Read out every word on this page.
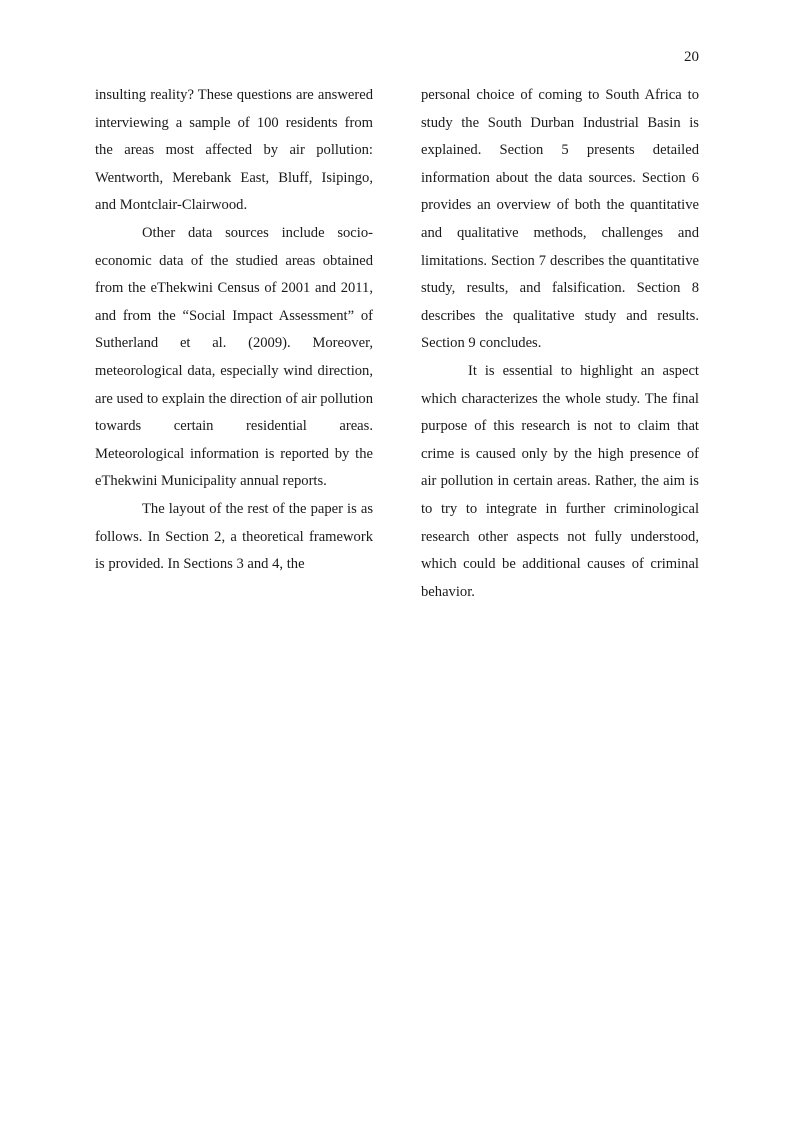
20

insulting reality? These questions are answered interviewing a sample of 100 residents from the areas most affected by air pollution: Wentworth, Merebank East, Bluff, Isipingo, and Montclair-Clairwood.

Other data sources include socio-economic data of the studied areas obtained from the eThekwini Census of 2001 and 2011, and from the “Social Impact Assessment” of Sutherland et al. (2009). Moreover, meteorological data, especially wind direction, are used to explain the direction of air pollution towards certain residential areas. Meteorological information is reported by the eThekwini Municipality annual reports.

The layout of the rest of the paper is as follows. In Section 2, a theoretical framework is provided. In Sections 3 and 4, the

personal choice of coming to South Africa to study the South Durban Industrial Basin is explained. Section 5 presents detailed information about the data sources. Section 6 provides an overview of both the quantitative and qualitative methods, challenges and limitations. Section 7 describes the quantitative study, results, and falsification. Section 8 describes the qualitative study and results. Section 9 concludes.

It is essential to highlight an aspect which characterizes the whole study. The final purpose of this research is not to claim that crime is caused only by the high presence of air pollution in certain areas. Rather, the aim is to try to integrate in further criminological research other aspects not fully understood, which could be additional causes of criminal behavior.
